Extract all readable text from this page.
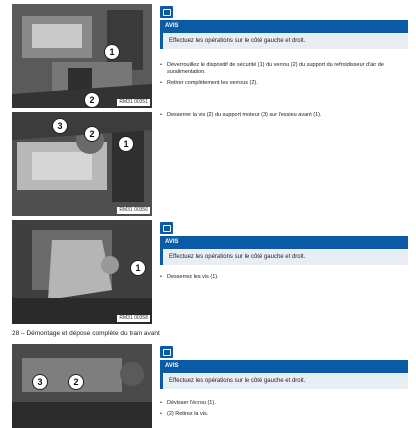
1
2	RM31 00351
AVIS
Effectuez les opérations sur le côté gauche et droit.
• Déverrouillez le dispositif de sécurité (1) du verrou (2) du support du refroidisseur d'air de suralimentation.
• Retirer complètement les verrous (2).
3
2
1
RM31 00356
• Desserrer la vis (2) du support moteur (3) sur l'essieu avant (1).
1
RM31 00358
AVIS
Effectuez les opérations sur le côté gauche et droit.
• Desserrez les vis (1).
28 – Démontage et dépose complète du train avant
3	2
AVIS
Effectuez les opérations sur le côté gauche et droit.
• Dévisser l'écrou (1).
• (2) Retirez la vis.
